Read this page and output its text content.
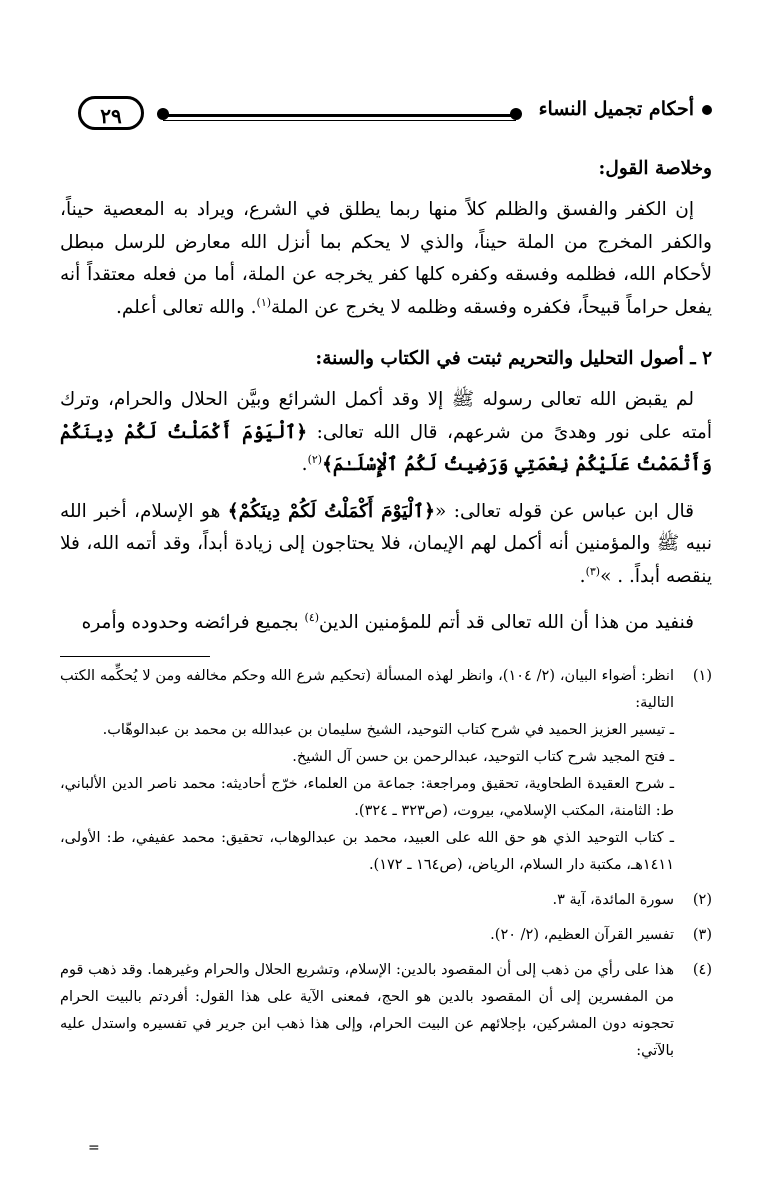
أحكام تجميل النساء
٢٩
وخلاصة القول:

إن الكفر والفسق والظلم كلاً منها ربما يطلق في الشرع، ويراد به المعصية حيناً، والكفر المخرج من الملة حيناً، والذي لا يحكم بما أنزل الله معارض للرسل مبطل لأحكام الله، فظلمه وفسقه وكفره كلها كفر يخرجه عن الملة، أما من فعله معتقداً أنه يفعل حراماً قبيحاً، فكفره وفسقه وظلمه لا يخرج عن الملة$^{(١)}$. والله تعالى أعلم.

٢ ـ أصول التحليل والتحريم ثبتت في الكتاب والسنة:

لم يقبض الله تعالى رسوله ﷺ إلا وقد أكمل الشرائع وبيَّن الحلال والحرام، وترك أمته على نور وهدىً من شرعهم، قال الله تعالى: ﴿ٱلْيَوْمَ أَكْمَلْتُ لَكُمْ دِينَكُمْ وَأَتْمَمْتُ عَلَيْكُمْ نِعْمَتِي وَرَضِيتُ لَكُمُ ٱلْإِسْلَـٰمَ﴾$^{(٢)}$.

قال ابن عباس عن قوله تعالى: «﴿ٱلْيَوْمَ أَكْمَلْتُ لَكُمْ دِينَكُمْ﴾ هو الإسلام، أخبر الله نبيه ﷺ والمؤمنين أنه أكمل لهم الإيمان، فلا يحتاجون إلى زيادة أبداً، وقد أتمه الله، فلا ينقصه أبداً. . »$^{(٣)}$.

فنفيد من هذا أن الله تعالى قد أتم للمؤمنين الدين$^{(٤)}$ بجميع فرائضه وحدوده وأمره

(١)

انظر: أضواء البيان، (٢/ ١٠٤)، وانظر لهذه المسألة (تحكيم شرع الله وحكم مخالفه ومن لا يُحكِّمه الكتب التالية:

ـ تيسير العزيز الحميد في شرح كتاب التوحيد، الشيخ سليمان بن عبدالله بن محمد بن عبدالوهّاب.

ـ فتح المجيد شرح كتاب التوحيد، عبدالرحمن بن حسن آل الشيخ.

ـ شرح العقيدة الطحاوية، تحقيق ومراجعة: جماعة من العلماء، خرّج أحاديثه: محمد ناصر الدين الألباني، ط: الثامنة، المكتب الإسلامي، بيروت، (ص٣٢٣ ـ ٣٢٤).

ـ كتاب التوحيد الذي هو حق الله على العبيد، محمد بن عبدالوهاب، تحقيق: محمد عفيفي، ط: الأولى، ١٤١١هـ، مكتبة دار السلام، الرياض، (ص١٦٤ ـ ١٧٢).

(٢)
سورة المائدة، آية ٣.
(٣)
تفسير القرآن العظيم، (٢/ ٢٠).
(٤)
هذا على رأي من ذهب إلى أن المقصود بالدين: الإسلام، وتشريع الحلال والحرام وغيرهما. وقد ذهب قوم من المفسرين إلى أن المقصود بالدين هو الحج، فمعنى الآية على هذا القول: أفردتم بالبيت الحرام تحجونه دون المشركين، بإجلائهم عن البيت الحرام، وإلى هذا ذهب ابن جرير في تفسيره واستدل عليه بالآتي:
=
